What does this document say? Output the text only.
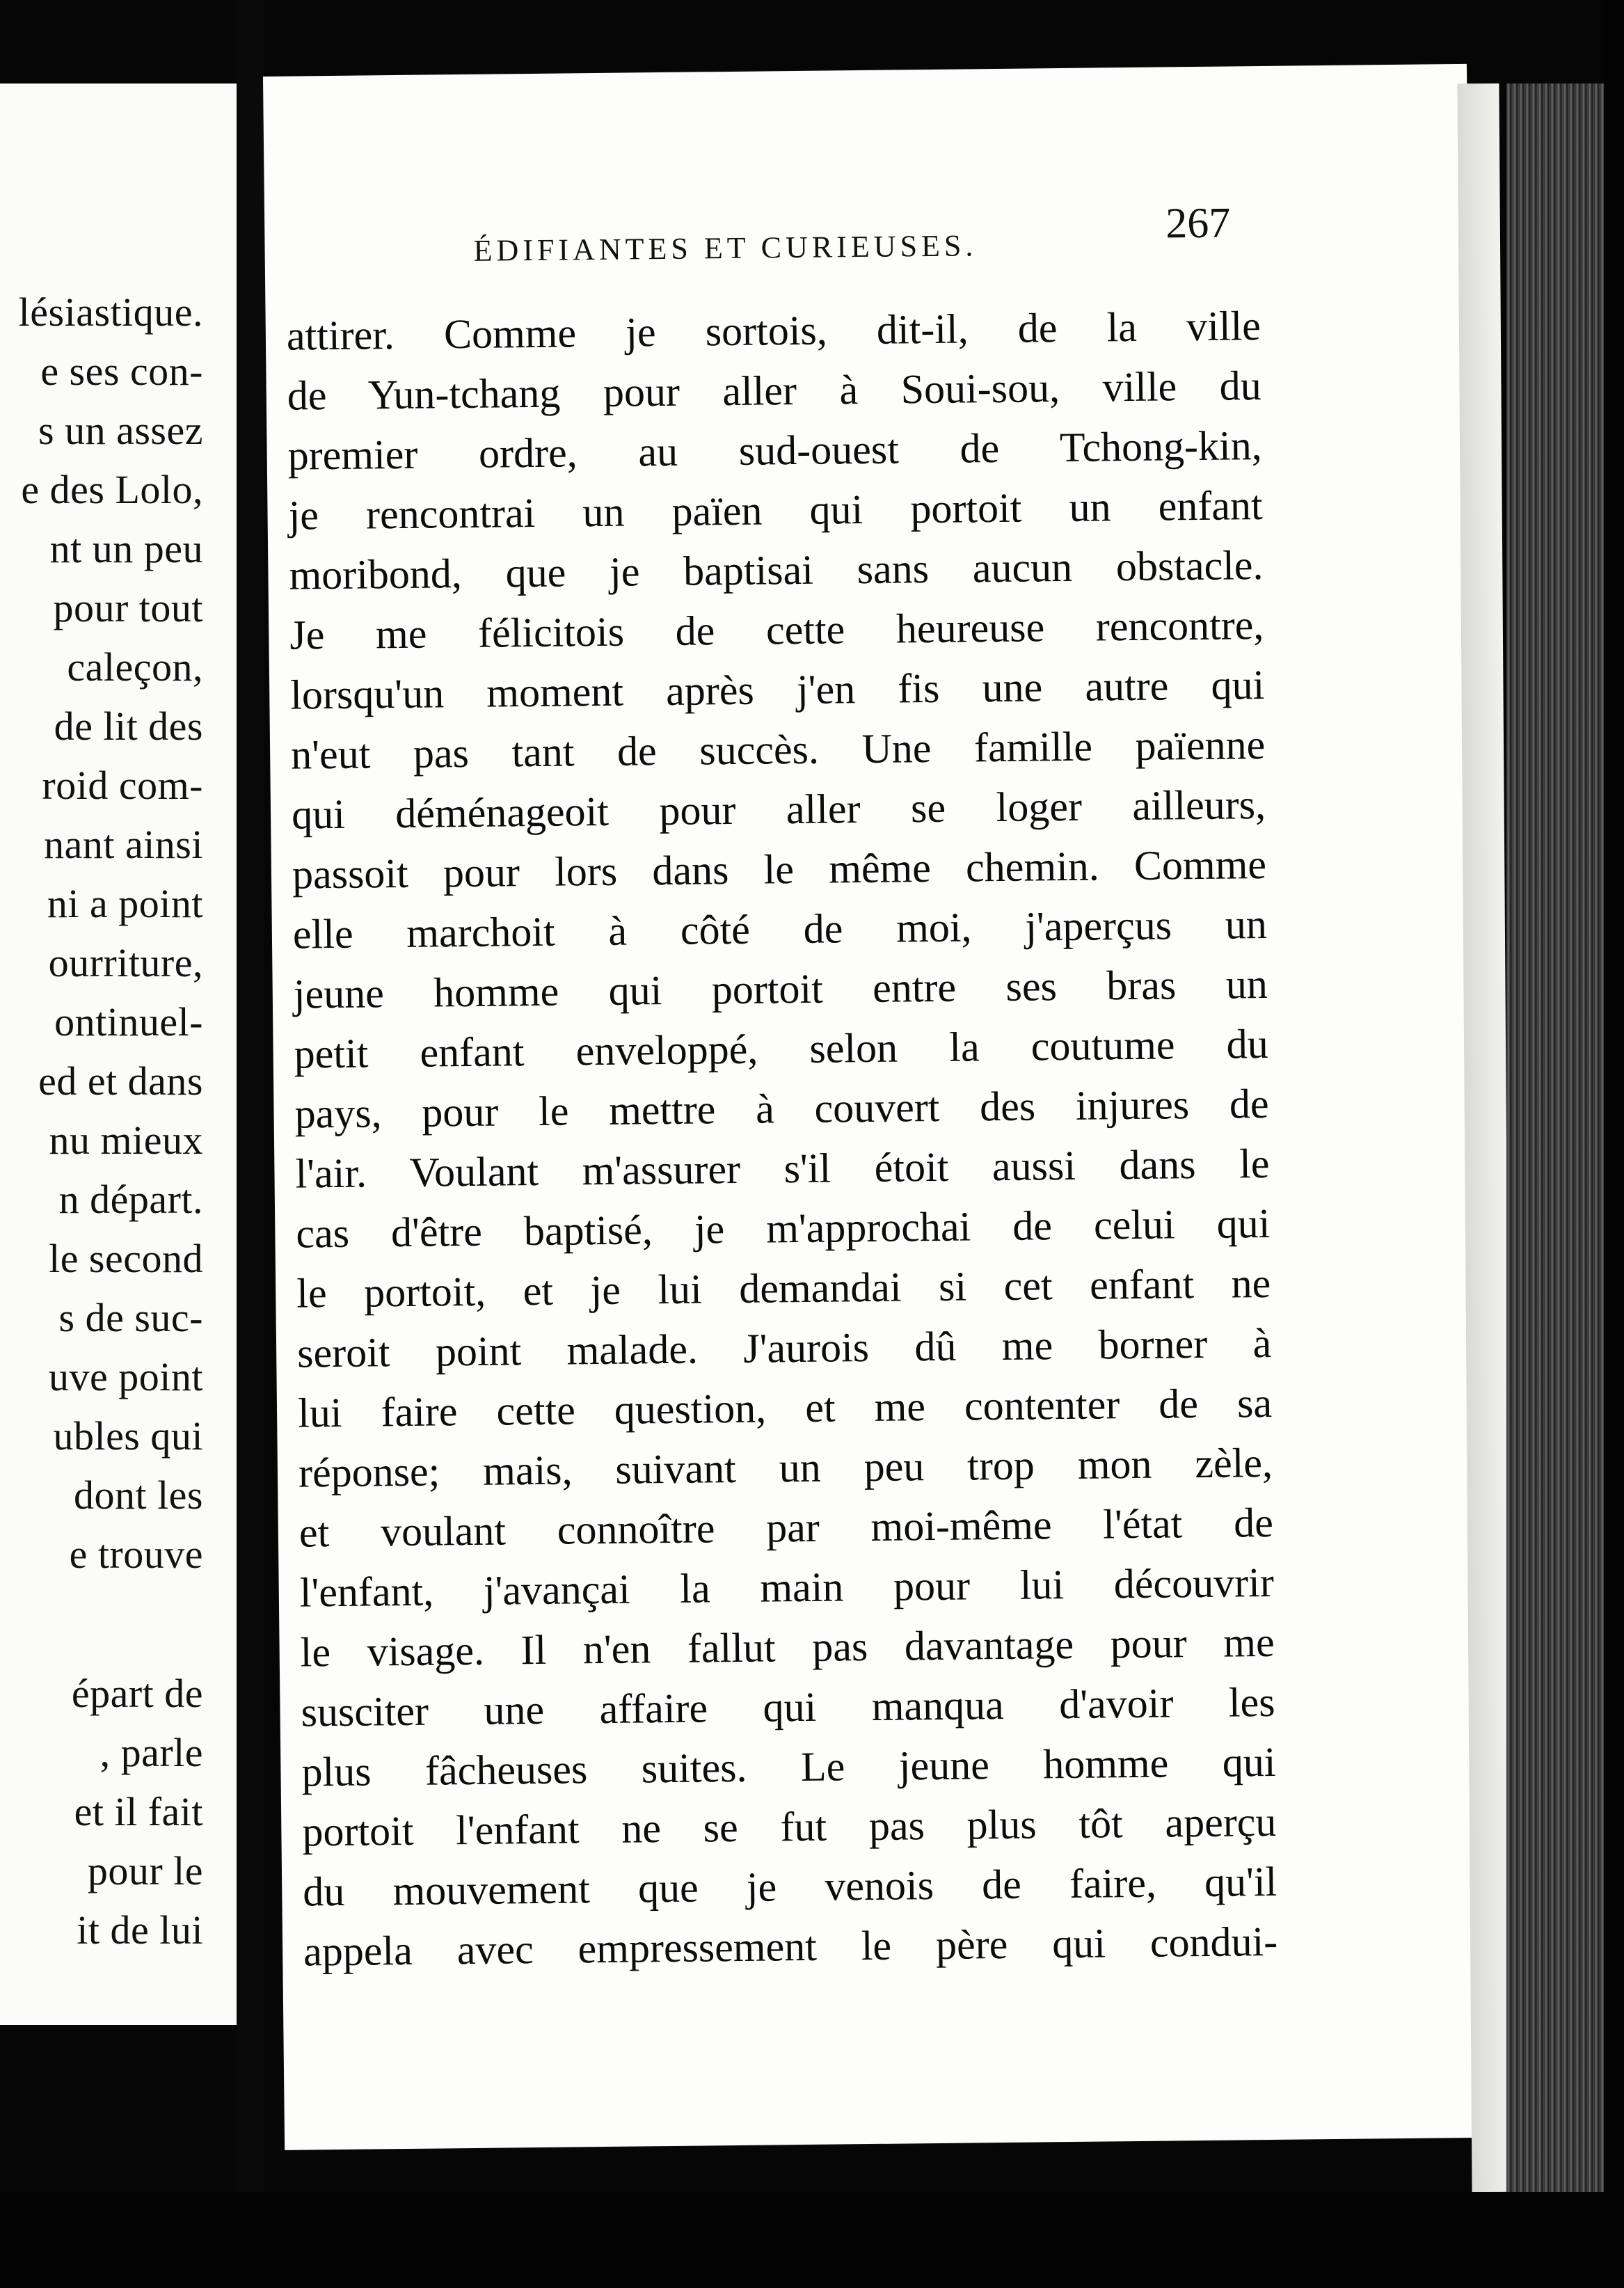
lésiastique.
e ses con-
s un assez
e des Lolo,
nt un peu
pour tout
caleçon,
de lit des
roid com-
nant ainsi
ni a point
ourriture,
ontinuel-
ed et dans
nu mieux
n départ.
le second
s de suc-
uve point
ubles qui
dont les
e trouve
épart de
, parle
et il fait
pour le
it de lui
ÉDIFIANTES ET CURIEUSES.
267
attirer. Comme je sortois, dit-il, de la ville
de Yun-tchang pour aller à Soui-sou, ville du
premier ordre, au sud-ouest de Tchong-kin,
je rencontrai un païen qui portoit un enfant
moribond, que je baptisai sans aucun obstacle.
Je me félicitois de cette heureuse rencontre,
lorsqu'un moment après j'en fis une autre qui
n'eut pas tant de succès. Une famille païenne
qui déménageoit pour aller se loger ailleurs,
passoit pour lors dans le même chemin. Comme
elle marchoit à côté de moi, j'aperçus un
jeune homme qui portoit entre ses bras un
petit enfant enveloppé, selon la coutume du
pays, pour le mettre à couvert des injures de
l'air. Voulant m'assurer s'il étoit aussi dans le
cas d'être baptisé, je m'approchai de celui qui
le portoit, et je lui demandai si cet enfant ne
seroit point malade. J'aurois dû me borner à
lui faire cette question, et me contenter de sa
réponse; mais, suivant un peu trop mon zèle,
et voulant connoître par moi-même l'état de
l'enfant, j'avançai la main pour lui découvrir
le visage. Il n'en fallut pas davantage pour me
susciter une affaire qui manqua d'avoir les
plus fâcheuses suites. Le jeune homme qui
portoit l'enfant ne se fut pas plus tôt aperçu
du mouvement que je venois de faire, qu'il
appela avec empressement le père qui condui-
